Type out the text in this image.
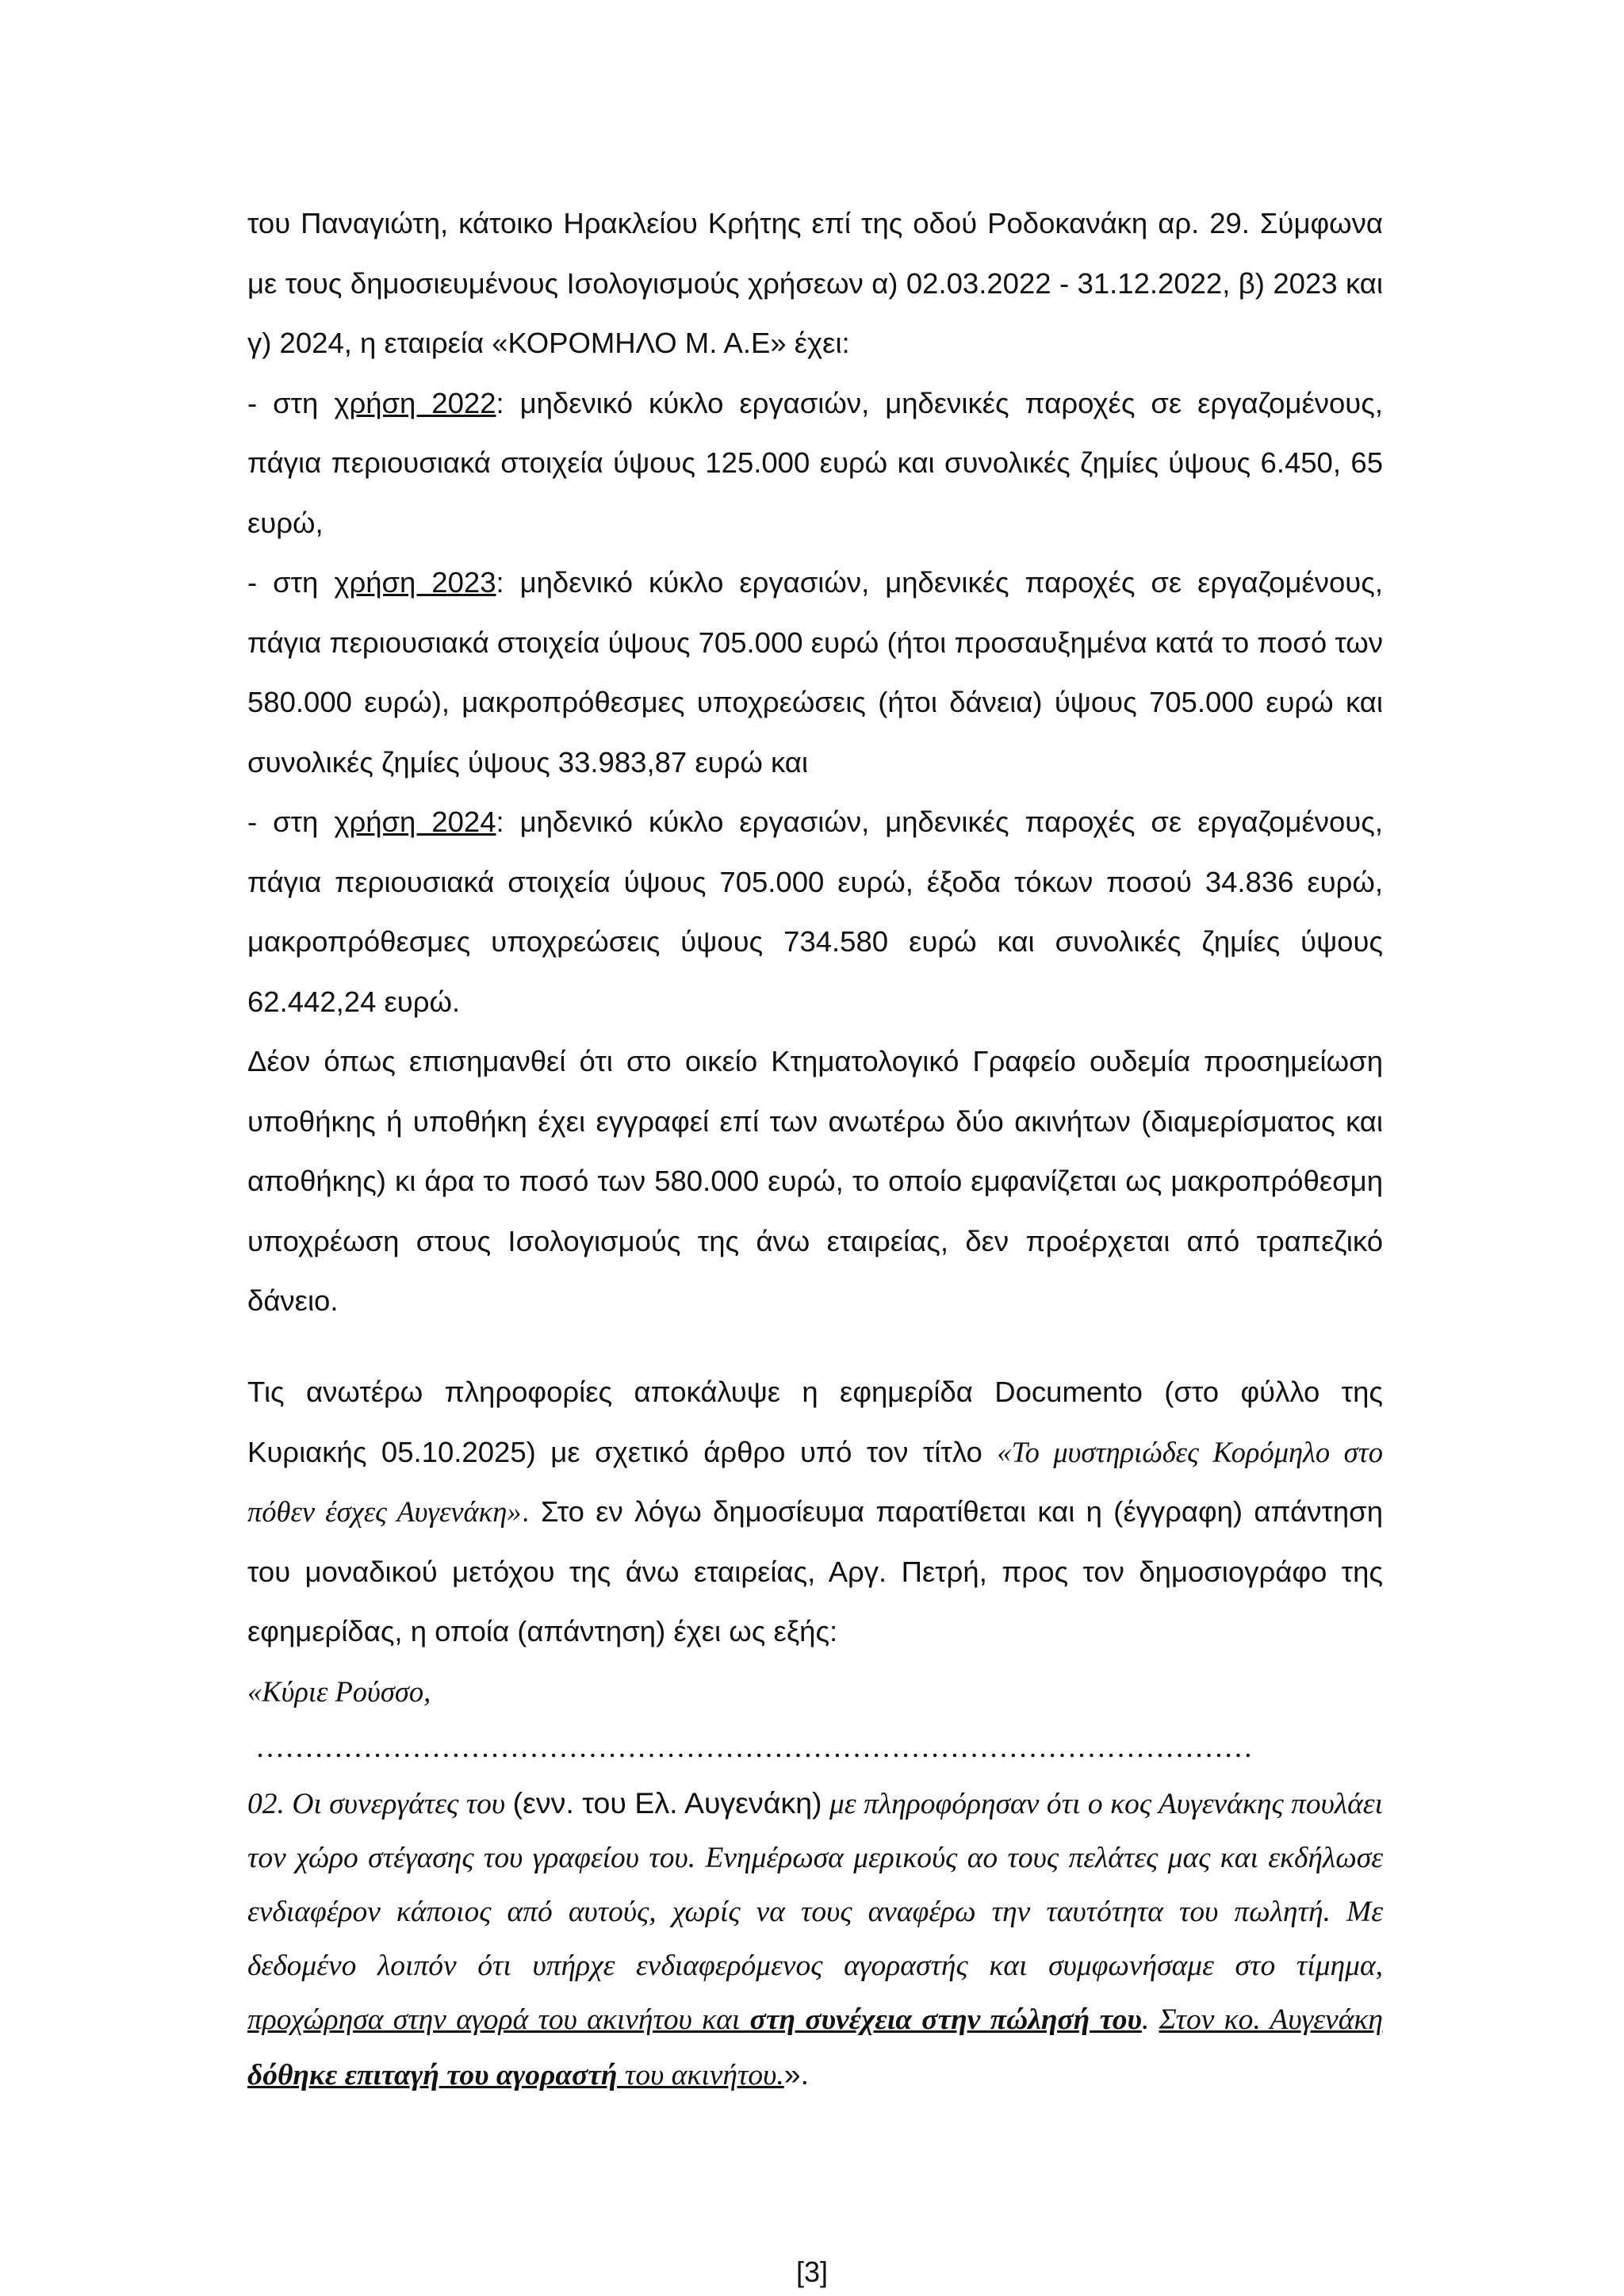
του Παναγιώτη, κάτοικο Ηρακλείου Κρήτης επί της οδού Ροδοκανάκη αρ. 29. Σύμφωνα με τους δημοσιευμένους Ισολογισμούς χρήσεων α) 02.03.2022 - 31.12.2022, β) 2023 και γ) 2024, η εταιρεία «ΚΟΡΟΜΗΛΟ Μ. Α.Ε» έχει:

- στη χρήση 2022: μηδενικό κύκλο εργασιών, μηδενικές παροχές σε εργαζομένους, πάγια περιουσιακά στοιχεία ύψους 125.000 ευρώ και συνολικές ζημίες ύψους 6.450, 65 ευρώ,

- στη χρήση 2023: μηδενικό κύκλο εργασιών, μηδενικές παροχές σε εργαζομένους, πάγια περιουσιακά στοιχεία ύψους 705.000 ευρώ (ήτοι προσαυξημένα κατά το ποσό των 580.000 ευρώ), μακροπρόθεσμες υποχρεώσεις (ήτοι δάνεια) ύψους 705.000 ευρώ και συνολικές ζημίες ύψους 33.983,87 ευρώ και

- στη χρήση 2024: μηδενικό κύκλο εργασιών, μηδενικές παροχές σε εργαζομένους, πάγια περιουσιακά στοιχεία ύψους 705.000 ευρώ, έξοδα τόκων ποσού 34.836 ευρώ, μακροπρόθεσμες υποχρεώσεις ύψους 734.580 ευρώ και συνολικές ζημίες ύψους 62.442,24 ευρώ.

Δέον όπως επισημανθεί ότι στο οικείο Κτηματολογικό Γραφείο ουδεμία προσημείωση υποθήκης ή υποθήκη έχει εγγραφεί επί των ανωτέρω δύο ακινήτων (διαμερίσματος και αποθήκης) κι άρα το ποσό των 580.000 ευρώ, το οποίο εμφανίζεται ως μακροπρόθεσμη υποχρέωση στους Ισολογισμούς της άνω εταιρείας, δεν προέρχεται από τραπεζικό δάνειο.

Τις ανωτέρω πληροφορίες αποκάλυψε η εφημερίδα Documento (στο φύλλο της Κυριακής 05.10.2025) με σχετικό άρθρο υπό τον τίτλο «Το μυστηριώδες Κορόμηλο στο πόθεν έσχες Αυγενάκη». Στο εν λόγω δημοσίευμα παρατίθεται και η (έγγραφη) απάντηση του μοναδικού μετόχου της άνω εταιρείας, Αργ. Πετρή, προς τον δημοσιογράφο της εφημερίδας, η οποία (απάντηση) έχει ως εξής:

«Κύριε Ρούσσο,

…………………………………………………………………………………………

02. Οι συνεργάτες του (ενν. του Ελ. Αυγενάκη) με πληροφόρησαν ότι ο κος Αυγενάκης πουλάει τον χώρο στέγασης του γραφείου του. Ενημέρωσα μερικούς αο τους πελάτες μας και εκδήλωσε ενδιαφέρον κάποιος από αυτούς, χωρίς να τους αναφέρω την ταυτότητα του πωλητή. Με δεδομένο λοιπόν ότι υπήρχε ενδιαφερόμενος αγοραστής και συμφωνήσαμε στο τίμημα, προχώρησα στην αγορά του ακινήτου και στη συνέχεια στην πώλησή του. Στον κο. Αυγενάκη δόθηκε επιταγή του αγοραστή του ακινήτου.».

[3]
